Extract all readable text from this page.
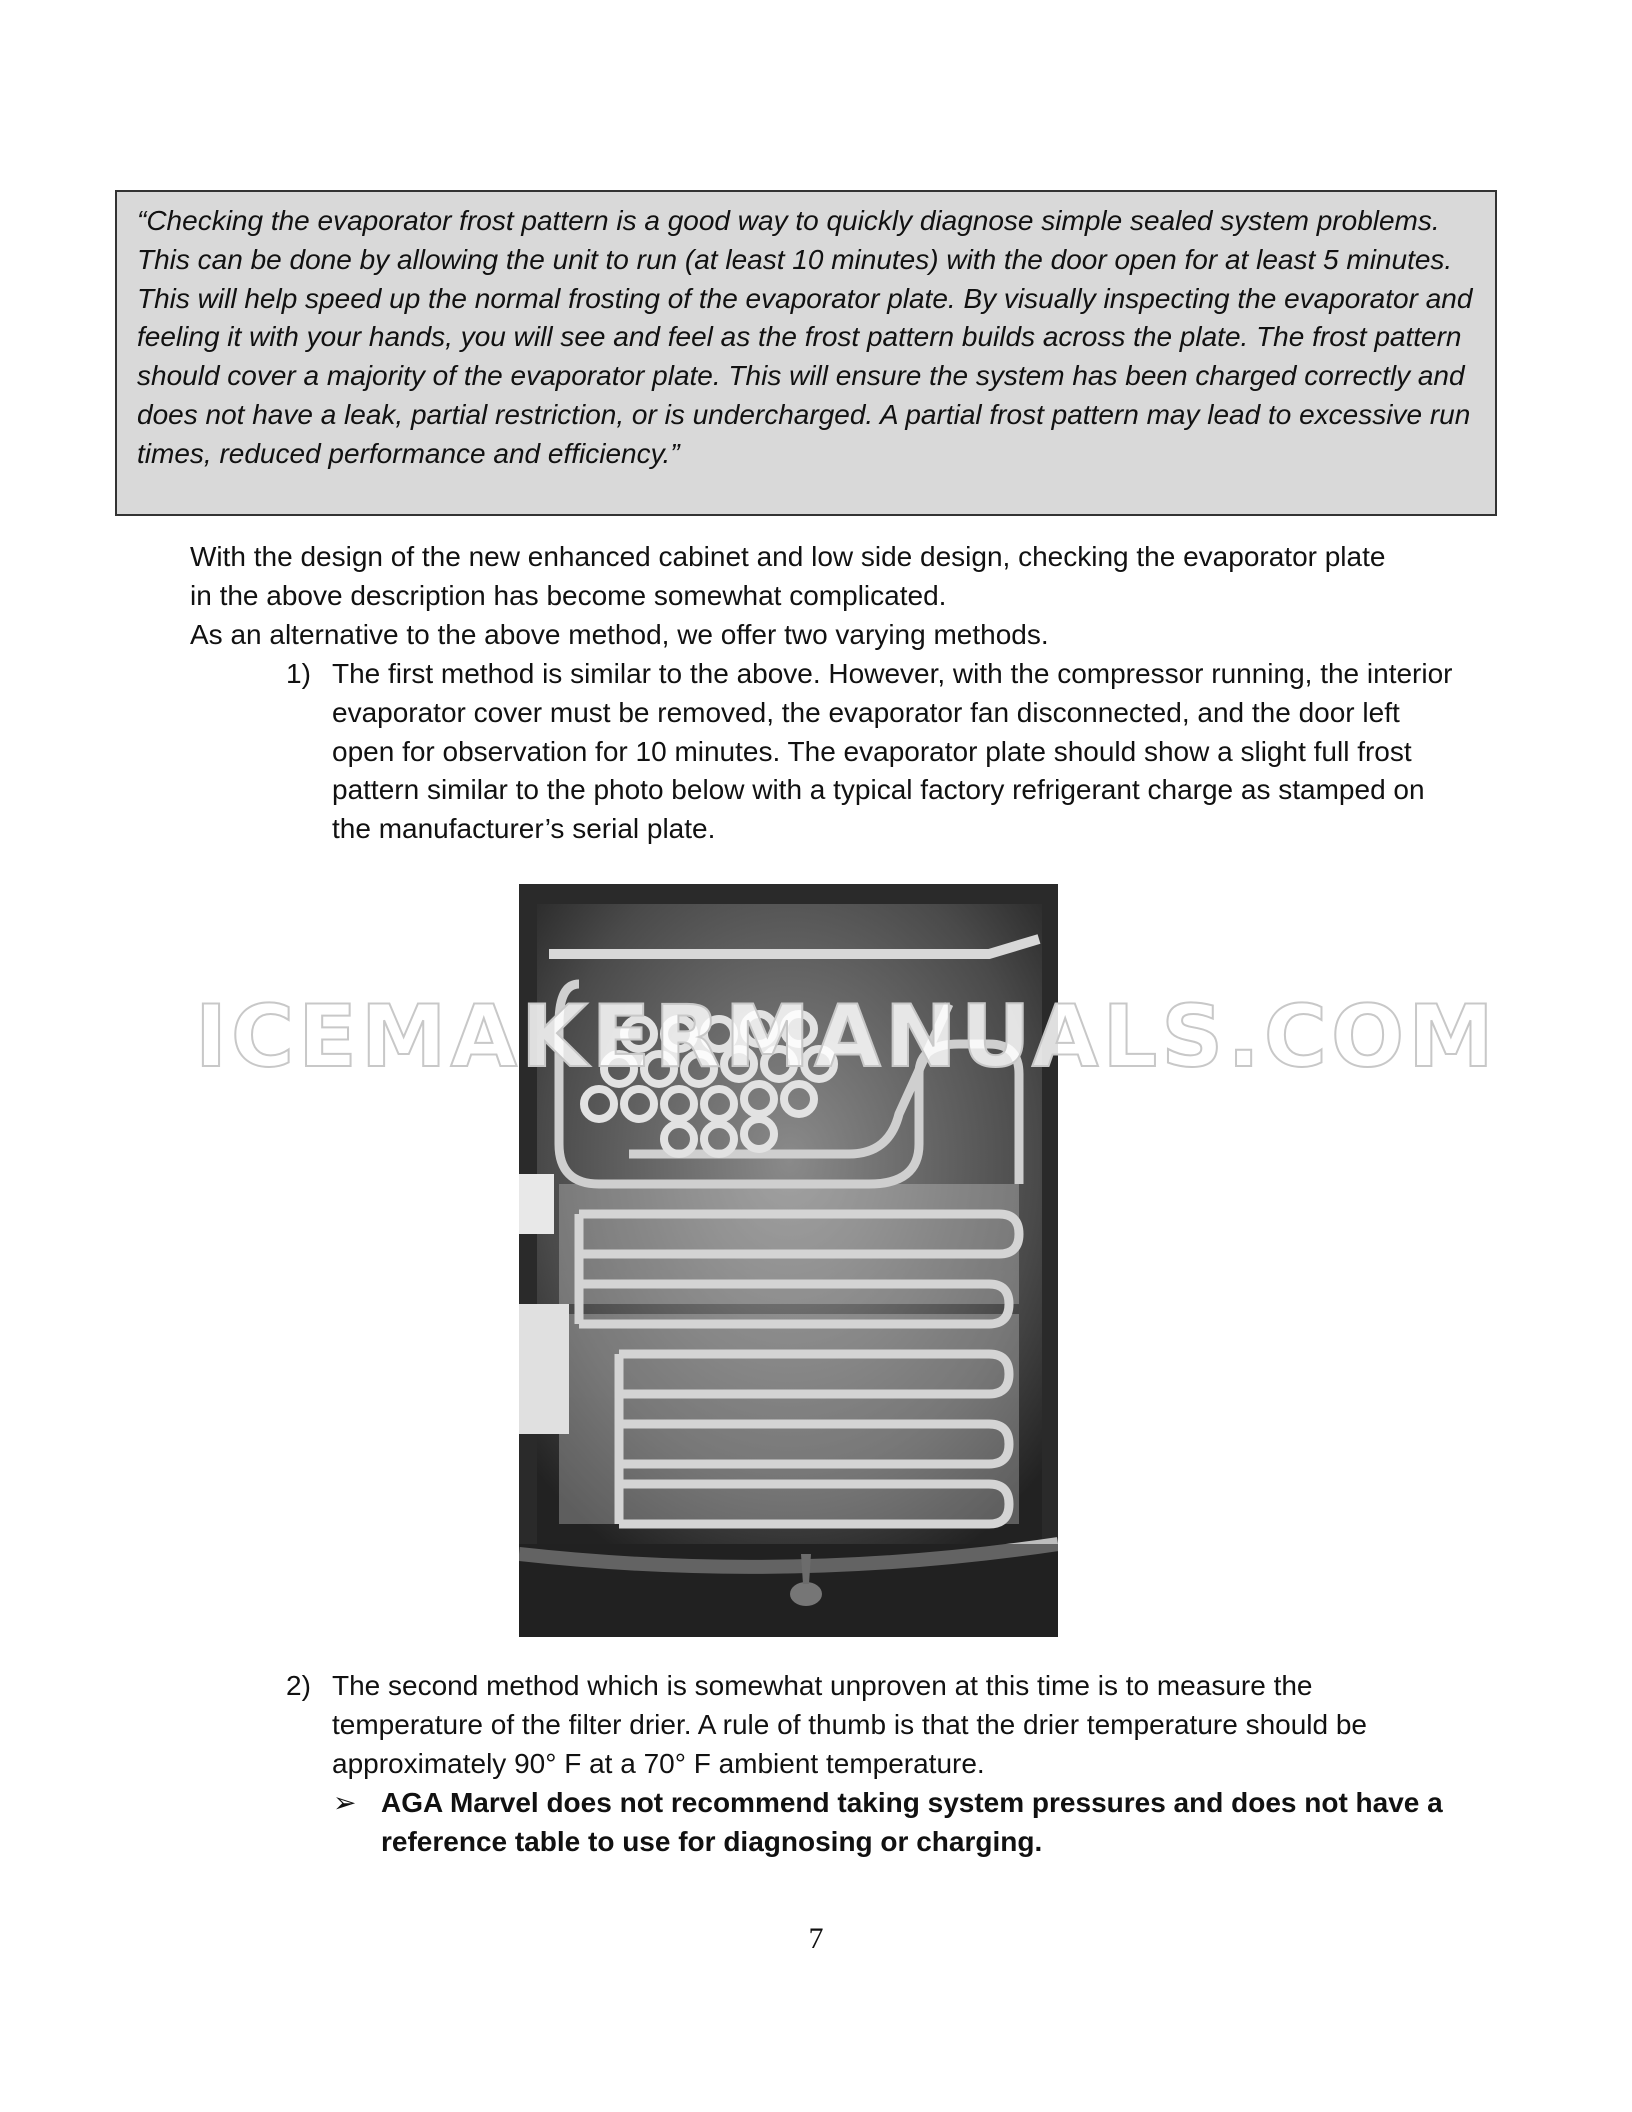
“Checking the evaporator frost pattern is a good way to quickly diagnose simple sealed system problems. This can be done by allowing the unit to run (at least 10 minutes) with the door open for at least 5 minutes. This will help speed up the normal frosting of the evaporator plate. By visually inspecting the evaporator and feeling it with your hands, you will see and feel as the frost pattern builds across the plate. The frost pattern should cover a majority of the evaporator plate. This will ensure the system has been charged correctly and does not have a leak, partial restriction, or is undercharged. A partial frost pattern may lead to excessive run times, reduced performance and efficiency.”

With the design of the new enhanced cabinet and low side design, checking the evaporator plate in the above description has become somewhat complicated.

As an alternative to the above method, we offer two varying methods.

1) The first method is similar to the above. However, with the compressor running, the interior evaporator cover must be removed, the evaporator fan disconnected, and the door left open for observation for 10 minutes. The evaporator plate should show a slight full frost pattern similar to the photo below with a typical factory refrigerant charge as stamped on the manufacturer’s serial plate.
ICEMAKERMANUALS.COM
2) The second method which is somewhat unproven at this time is to measure the temperature of the filter drier. A rule of thumb is that the drier temperature should be approximately 90° F at a 70° F ambient temperature.
➢ AGA Marvel does not recommend taking system pressures and does not have a reference table to use for diagnosing or charging.
7
